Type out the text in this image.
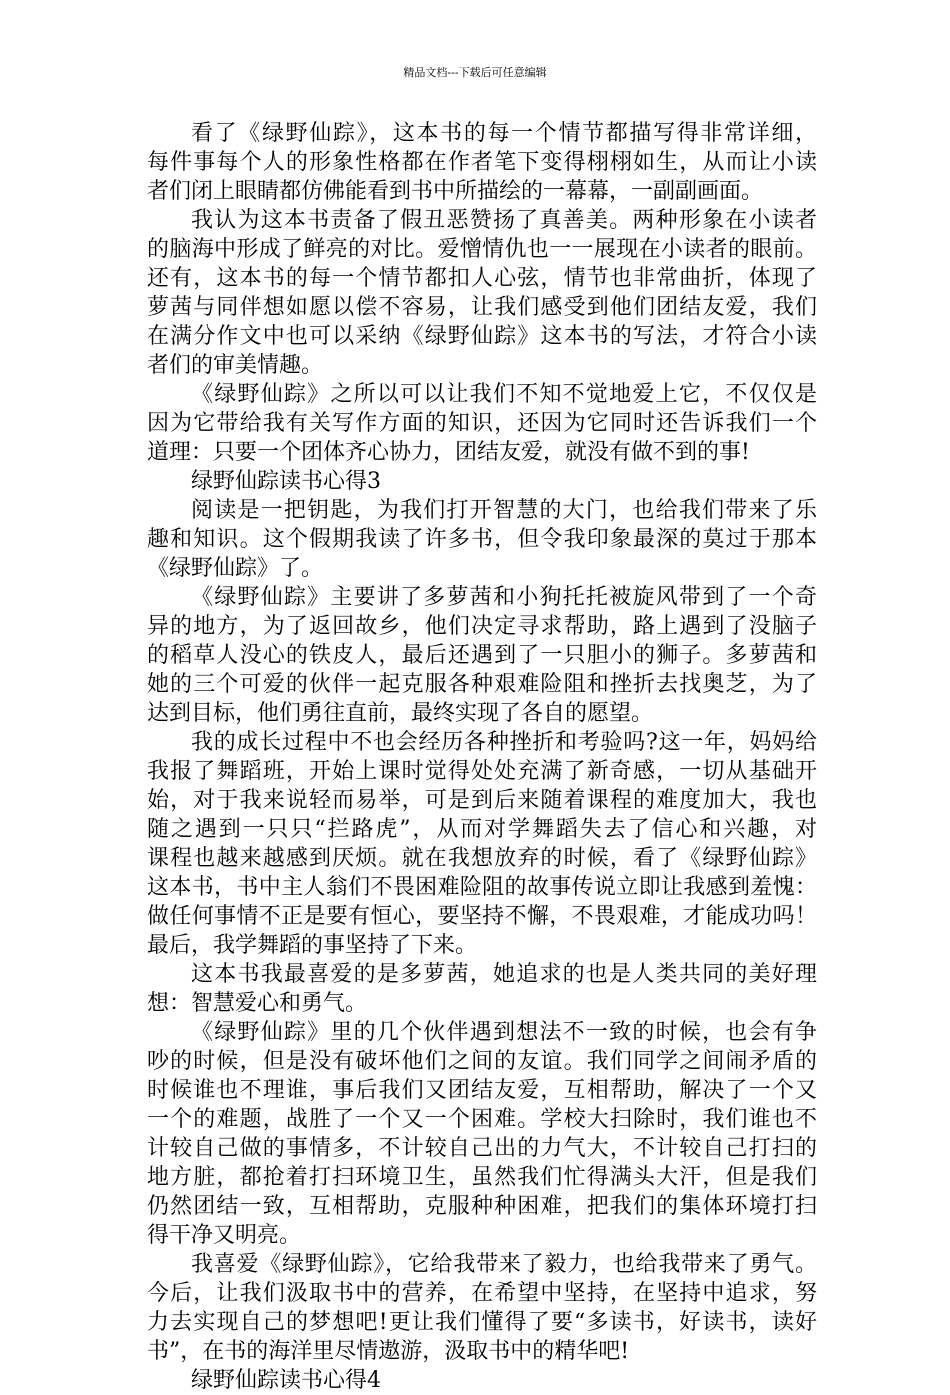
精品文档---下载后可任意编辑
看了《绿野仙踪》，这本书的每一个情节都描写得非常详细，
每件事每个人的形象性格都在作者笔下变得栩栩如生，从而让小读
者们闭上眼睛都仿佛能看到书中所描绘的一幕幕，一副副画面。
我认为这本书责备了假丑恶赞扬了真善美。两种形象在小读者
的脑海中形成了鲜亮的对比。爱憎情仇也一一展现在小读者的眼前。
还有，这本书的每一个情节都扣人心弦，情节也非常曲折，体现了
萝茜与同伴想如愿以偿不容易，让我们感受到他们团结友爱，我们
在满分作文中也可以采纳《绿野仙踪》这本书的写法，才符合小读
者们的审美情趣。
《绿野仙踪》之所以可以让我们不知不觉地爱上它，不仅仅是
因为它带给我有关写作方面的知识，还因为它同时还告诉我们一个
道理：只要一个团体齐心协力，团结友爱，就没有做不到的事!
绿野仙踪读书心得3
阅读是一把钥匙，为我们打开智慧的大门，也给我们带来了乐
趣和知识。这个假期我读了许多书，但令我印象最深的莫过于那本
《绿野仙踪》了。
《绿野仙踪》主要讲了多萝茜和小狗托托被旋风带到了一个奇
异的地方，为了返回故乡，他们决定寻求帮助，路上遇到了没脑子
的稻草人没心的铁皮人，最后还遇到了一只胆小的狮子。多萝茜和
她的三个可爱的伙伴一起克服各种艰难险阻和挫折去找奥芝，为了
达到目标，他们勇往直前，最终实现了各自的愿望。
我的成长过程中不也会经历各种挫折和考验吗?这一年，妈妈给
我报了舞蹈班，开始上课时觉得处处充满了新奇感，一切从基础开
始，对于我来说轻而易举，可是到后来随着课程的难度加大，我也
随之遇到一只只“拦路虎”，从而对学舞蹈失去了信心和兴趣，对
课程也越来越感到厌烦。就在我想放弃的时候，看了《绿野仙踪》
这本书，书中主人翁们不畏困难险阻的故事传说立即让我感到羞愧：
做任何事情不正是要有恒心，要坚持不懈，不畏艰难，才能成功吗！
最后，我学舞蹈的事坚持了下来。
这本书我最喜爱的是多萝茜，她追求的也是人类共同的美好理
想：智慧爱心和勇气。
《绿野仙踪》里的几个伙伴遇到想法不一致的时候，也会有争
吵的时候，但是没有破坏他们之间的友谊。我们同学之间闹矛盾的
时候谁也不理谁，事后我们又团结友爱，互相帮助，解决了一个又
一个的难题，战胜了一个又一个困难。学校大扫除时，我们谁也不
计较自己做的事情多，不计较自己出的力气大，不计较自己打扫的
地方脏，都抢着打扫环境卫生，虽然我们忙得满头大汗，但是我们
仍然团结一致，互相帮助，克服种种困难，把我们的集体环境打扫
得干净又明亮。
我喜爱《绿野仙踪》，它给我带来了毅力，也给我带来了勇气。
今后，让我们汲取书中的营养，在希望中坚持，在坚持中追求，努
力去实现自己的梦想吧!更让我们懂得了要“多读书，好读书，读好
书”，在书的海洋里尽情遨游，汲取书中的精华吧!
绿野仙踪读书心得4
